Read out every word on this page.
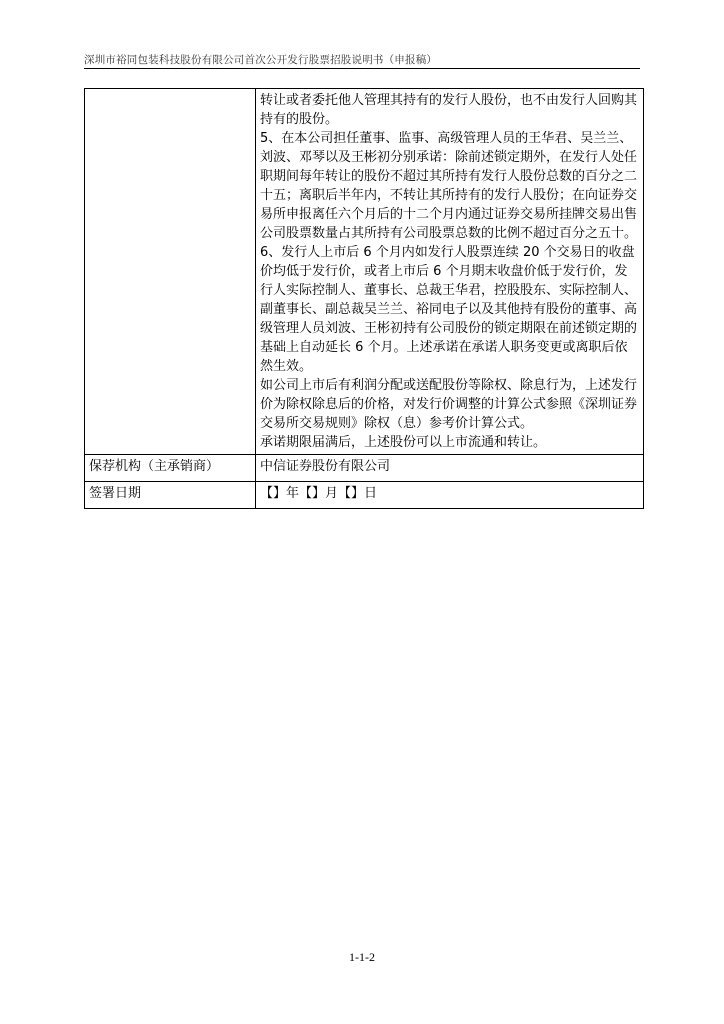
深圳市裕同包装科技股份有限公司首次公开发行股票招股说明书（申报稿）

	转让或者委托他人管理其持有的发行人股份，也不由发行人回购其持有的股份。
5、在本公司担任董事、监事、高级管理人员的王华君、吴兰兰、刘波、邓琴以及王彬初分别承诺：除前述锁定期外，在发行人处任职期间每年转让的股份不超过其所持有发行人股份总数的百分之二十五；离职后半年内，不转让其所持有的发行人股份；在向证券交易所申报离任六个月后的十二个月内通过证券交易所挂牌交易出售公司股票数量占其所持有公司股票总数的比例不超过百分之五十。
6、发行人上市后 6 个月内如发行人股票连续 20 个交易日的收盘价均低于发行价，或者上市后 6 个月期末收盘价低于发行价，发行人实际控制人、董事长、总裁王华君，控股股东、实际控制人、副董事长、副总裁吴兰兰、裕同电子以及其他持有股份的董事、高级管理人员刘波、王彬初持有公司股份的锁定期限在前述锁定期的基础上自动延长 6 个月。上述承诺在承诺人职务变更或离职后依然生效。
如公司上市后有利润分配或送配股份等除权、除息行为，上述发行价为除权除息后的价格，对发行价调整的计算公式参照《深圳证券交易所交易规则》除权（息）参考价计算公式。
承诺期限届满后，上述股份可以上市流通和转让。

保荐机构（主承销商）	中信证券股份有限公司
签署日期	【】年【】月【】日
1-1-2
